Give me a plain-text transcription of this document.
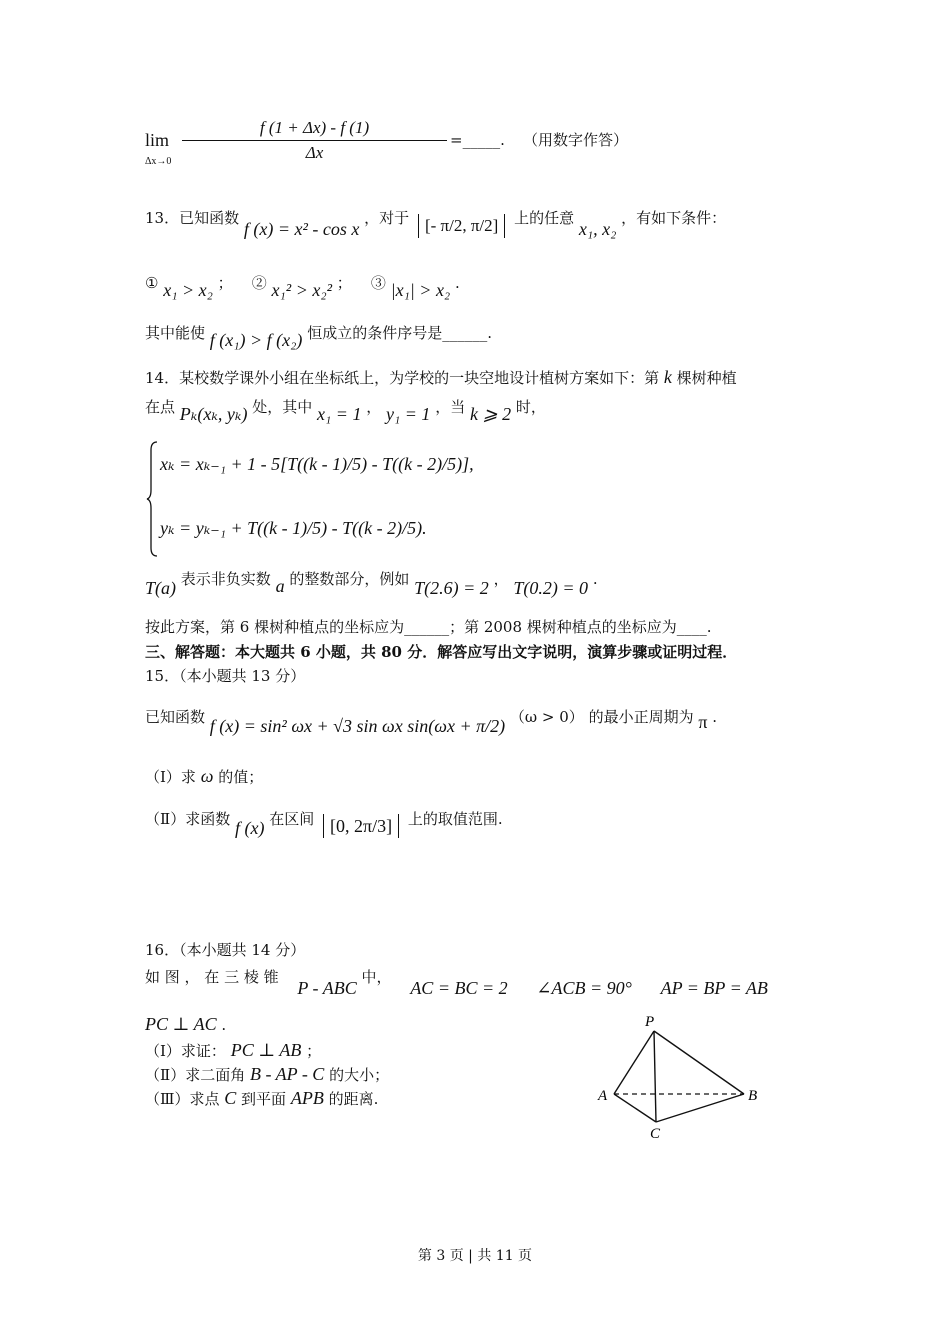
lim
Δx→0
f (1 + Δx) - f (1)
Δx
=_____. （用数字作答）
13．已知函数 f (x) = x² - cos x ，对于 [- π/2, π/2] 上的任意 x₁, x₂ ，有如下条件：
① x₁ > x₂ ； ② x₁² > x₂² ； ③ |x₁| > x₂ .
其中能使 f (x₁) > f (x₂) 恒成立的条件序号是______.
14．某校数学课外小组在坐标纸上，为学校的一块空地设计植树方案如下：第 k 棵树种植
在点 Pₖ(xₖ, yₖ) 处，其中 x₁ = 1 ， y₁ = 1 ，当 k ⩾ 2 时，
xₖ = xₖ₋₁ + 1 - 5[T((k - 1)/5) - T((k - 2)/5)],
yₖ = yₖ₋₁ + T((k - 1)/5) - T((k - 2)/5).
T(a) 表示非负实数 a 的整数部分，例如 T(2.6) = 2 ， T(0.2) = 0 .
按此方案，第 6 棵树种植点的坐标应为______；第 2008 棵树种植点的坐标应为____.
三、解答题：本大题共 6 小题，共 80 分．解答应写出文字说明，演算步骤或证明过程．
15．（本小题共 13 分）
已知函数 f (x) = sin² ωx + √3 sin ωx sin(ωx + π/2) （ω > 0） 的最小正周期为 π .
（Ⅰ）求 ω 的值；
（Ⅱ）求函数 f (x) 在区间 [0, 2π/3] 上的取值范围.
16．（本小题共 14 分）
如 图 ， 在 三 棱 锥 P - ABC 中， AC = BC = 2 ∠ACB = 90° AP = BP = AB
PC ⊥ AC .
（Ⅰ）求证： PC ⊥ AB ；
（Ⅱ）求二面角 B - AP - C 的大小；
（Ⅲ）求点 C 到平面 APB 的距离.
P
A	B
C
第 3 页 | 共 11 页
